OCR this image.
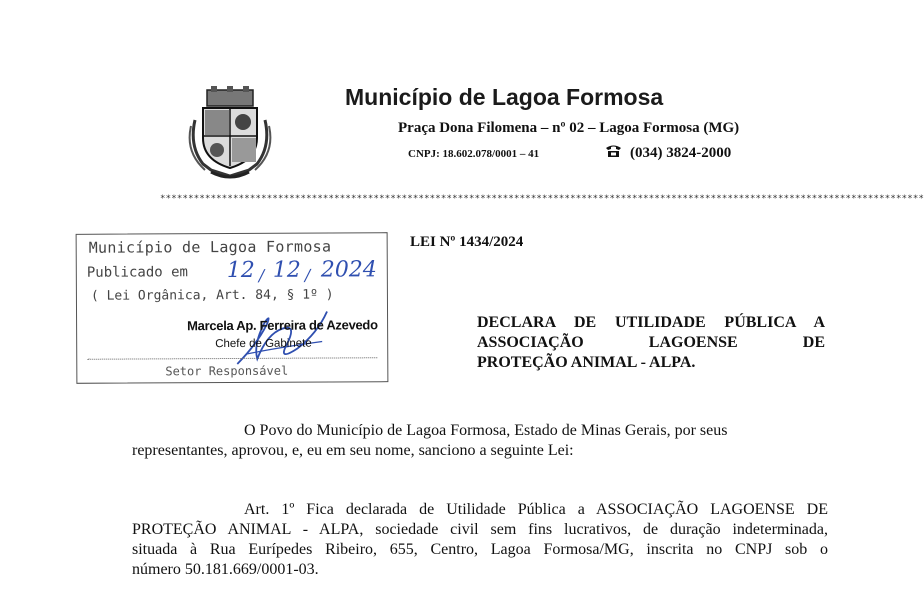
Município de Lagoa Formosa
Praça Dona Filomena – nº 02 – Lagoa Formosa (MG)
CNPJ: 18.602.078/0001 – 41	(034) 3824-2000
****************************************************************************************************************************************
Município de Lagoa Formosa
Publicado em 12 / 12 / 2024
( Lei Orgânica, Art. 84, § 1º )
Marcela Ap. Ferreira de Azevedo
Chefe de Gabinete
Setor Responsável
LEI Nº 1434/2024
DECLARA DE UTILIDADE PÚBLICA A
ASSOCIAÇÃO LAGOENSE DE
PROTEÇÃO ANIMAL - ALPA.
O Povo do Município de Lagoa Formosa, Estado de Minas Gerais, por seus
representantes, aprovou, e, eu em seu nome, sanciono a seguinte Lei:
Art. 1º Fica declarada de Utilidade Pública a ASSOCIAÇÃO LAGOENSE DE
PROTEÇÃO ANIMAL - ALPA, sociedade civil sem fins lucrativos, de duração indeterminada,
situada à Rua Eurípedes Ribeiro, 655, Centro, Lagoa Formosa/MG, inscrita no CNPJ sob o
número 50.181.669/0001-03.
